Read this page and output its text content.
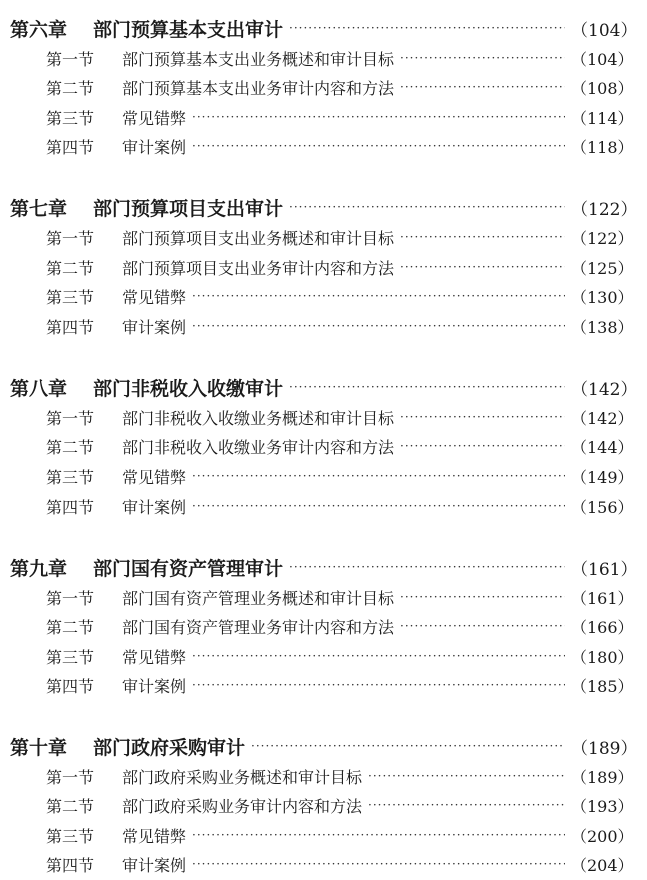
第六章	部门预算基本支出审计 ·····	（104）
第一节	部门预算基本支出业务概述和审计目标 ·····	（104）
第二节	部门预算基本支出业务审计内容和方法 ·····	（108）
第三节	常见错弊 ·····	（114）
第四节	审计案例 ·····	（118）
第七章	部门预算项目支出审计 ·····	（122）
第一节	部门预算项目支出业务概述和审计目标 ·····	（122）
第二节	部门预算项目支出业务审计内容和方法 ·····	（125）
第三节	常见错弊 ·····	（130）
第四节	审计案例 ·····	（138）
第八章	部门非税收入收缴审计 ·····	（142）
第一节	部门非税收入收缴业务概述和审计目标 ·····	（142）
第二节	部门非税收入收缴业务审计内容和方法 ·····	（144）
第三节	常见错弊 ·····	（149）
第四节	审计案例 ·····	（156）
第九章	部门国有资产管理审计 ·····	（161）
第一节	部门国有资产管理业务概述和审计目标 ·····	（161）
第二节	部门国有资产管理业务审计内容和方法 ·····	（166）
第三节	常见错弊 ·····	（180）
第四节	审计案例 ·····	（185）
第十章	部门政府采购审计 ·····	（189）
第一节	部门政府采购业务概述和审计目标 ·····	（189）
第二节	部门政府采购业务审计内容和方法 ·····	（193）
第三节	常见错弊 ·····	（200）
第四节	审计案例 ·····	（204）
